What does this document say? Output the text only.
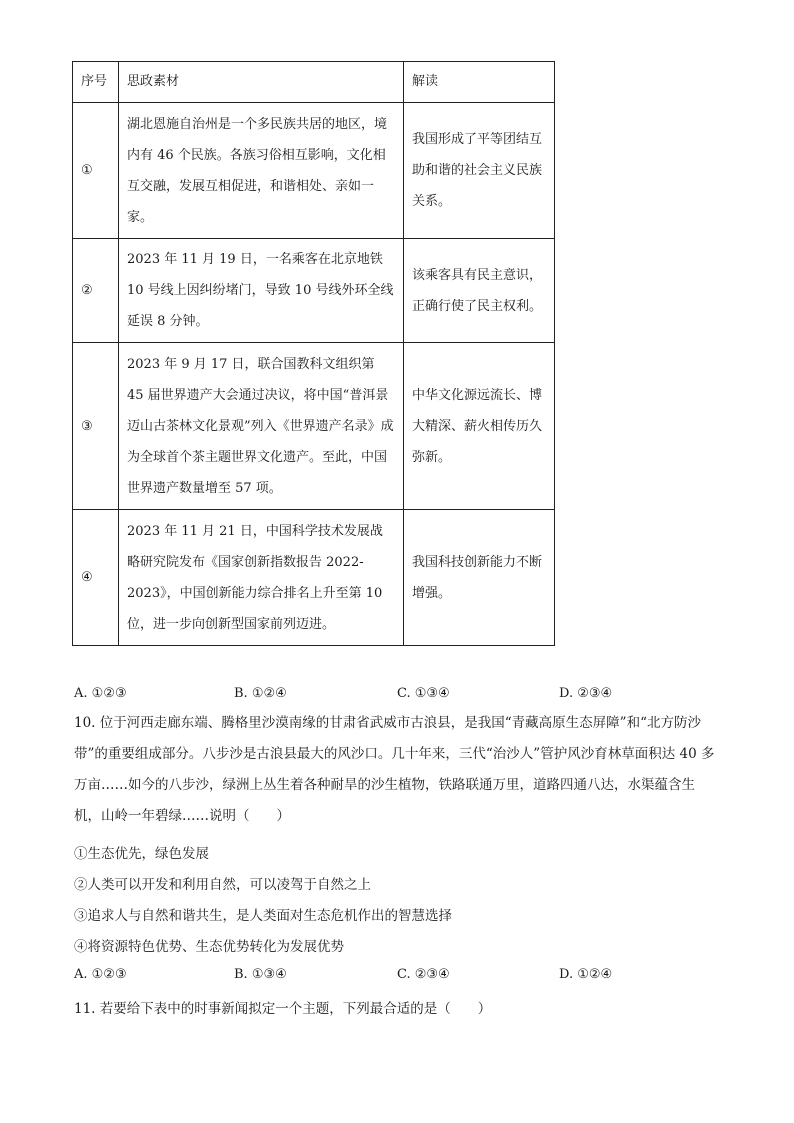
序号	思政素材	解读
①	湖北恩施自治州是一个多民族共居的地区，境内有 46 个民族。各族习俗相互影响，文化相互交融，发展互相促进，和谐相处、亲如一家。	我国形成了平等团结互助和谐的社会主义民族关系。

②	2023 年 11 月 19 日，一名乘客在北京地铁 10 号线上因纠纷堵门，导致 10 号线外环全线延误 8 分钟。	该乘客具有民主意识，正确行使了民主权利。

③	2023 年 9 月 17 日，联合国教科文组织第 45 届世界遗产大会通过决议，将中国“普洱景迈山古茶林文化景观”列入《世界遗产名录》成为全球首个茶主题世界文化遗产。至此，中国世界遗产数量增至 57 项。	中华文化源远流长、博大精深、薪火相传历久弥新。

④	2023 年 11 月 21 日，中国科学技术发展战略研究院发布《国家创新指数报告 2022-2023》，中国创新能力综合排名上升至第 10 位，进一步向创新型国家前列迈进。	我国科技创新能力不断增强。
A. ①②③	B. ①②④	C. ①③④	D. ②③④
10. 位于河西走廊东端、腾格里沙漠南缘的甘肃省武威市古浪县，是我国“青藏高原生态屏障”和“北方防沙带”的重要组成部分。八步沙是古浪县最大的风沙口。几十年来，三代“治沙人”管护风沙育林草面积达 40 多万亩……如今的八步沙，绿洲上丛生着各种耐旱的沙生植物，铁路联通万里，道路四通八达，水渠蕴含生机，山岭一年碧绿……说明（　　）
①生态优先，绿色发展
②人类可以开发和利用自然，可以凌驾于自然之上
③追求人与自然和谐共生，是人类面对生态危机作出的智慧选择
④将资源特色优势、生态优势转化为发展优势
A. ①②③	B. ①③④	C. ②③④	D. ①②④
11. 若要给下表中的时事新闻拟定一个主题，下列最合适的是（　　）
